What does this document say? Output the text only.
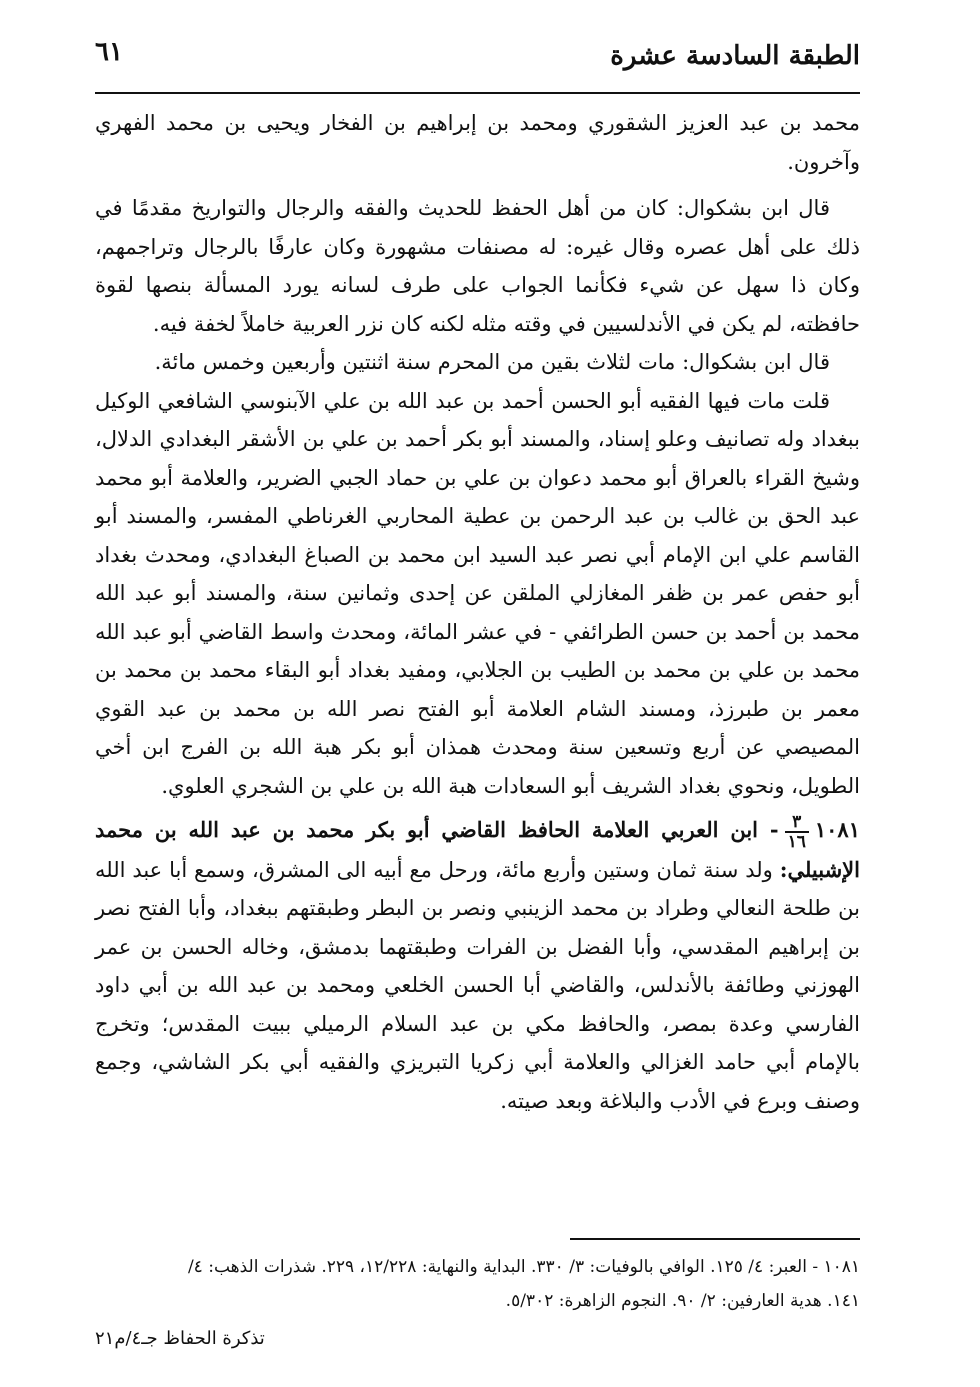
الطبقة السادسة عشرة
٦١

محمد بن عبد العزيز الشقوري ومحمد بن إبراهيم بن الفخار ويحيى بن محمد الفهري وآخرون.

قال ابن بشكوال: كان من أهل الحفظ للحديث والفقه والرجال والتواريخ مقدمًا في ذلك على أهل عصره وقال غيره: له مصنفات مشهورة وكان عارفًا بالرجال وتراجمهم، وكان ذا سهل عن شيء فكأنما الجواب على طرف لسانه يورد المسألة بنصها لقوة حافظته، لم يكن في الأندلسيين في وقته مثله لكنه كان نزر العربية خاملاً لخفة فيه.

قال ابن بشكوال: مات لثلاث بقين من المحرم سنة اثنتين وأربعين وخمس مائة.

قلت مات فيها الفقيه أبو الحسن أحمد بن عبد الله بن علي الآبنوسي الشافعي الوكيل ببغداد وله تصانيف وعلو إسناد، والمسند أبو بكر أحمد بن علي بن الأشقر البغدادي الدلال، وشيخ القراء بالعراق أبو محمد دعوان بن علي بن حماد الجبي الضرير، والعلامة أبو محمد عبد الحق بن غالب بن عبد الرحمن بن عطية المحاربي الغرناطي المفسر، والمسند أبو القاسم علي ابن الإمام أبي نصر عبد السيد ابن محمد بن الصباغ البغدادي، ومحدث بغداد أبو حفص عمر بن ظفر المغازلي الملقن عن إحدى وثمانين سنة، والمسند أبو عبد الله محمد بن أحمد بن حسن الطرائفي - في عشر المائة، ومحدث واسط القاضي أبو عبد الله محمد بن علي بن محمد بن الطيب بن الجلابي، ومفيد بغداد أبو البقاء محمد بن محمد بن معمر بن طبرزذ، ومسند الشام العلامة أبو الفتح نصر الله بن محمد بن عبد القوي المصيصي عن أربع وتسعين سنة ومحدث همذان أبو بكر هبة الله بن الفرج ابن أخي الطويل، ونحوي بغداد الشريف أبو السعادات هبة الله بن علي بن الشجري العلوي.

١٠٨١
$\frac{٣}{١٦}$
- ابن العربي العلامة الحافظ القاضي أبو بكر محمد بن عبد الله بن محمد الإشبيلي: ولد سنة ثمان وستين وأربع مائة، ورحل مع أبيه الى المشرق، وسمع أبا عبد الله بن طلحة النعالي وطراد بن محمد الزينبي ونصر بن البطر وطبقتهم ببغداد، وأبا الفتح نصر بن إبراهيم المقدسي، وأبا الفضل بن الفرات وطبقتهما بدمشق، وخاله الحسن بن عمر الهوزني وطائفة بالأندلس، والقاضي أبا الحسن الخلعي ومحمد بن عبد الله بن أبي داود الفارسي وعدة بمصر، والحافظ مكي بن عبد السلام الرميلي ببيت المقدس؛ وتخرج بالإمام أبي حامد الغزالي والعلامة أبي زكريا التبريزي والفقيه أبي بكر الشاشي، وجمع وصنف وبرع في الأدب والبلاغة وبعد صيته.

١٠٨١ - العبر: ٤/ ١٢٥. الوافي بالوفيات: ٣/ ٣٣٠. البداية والنهاية: ١٢/٢٢٨، ٢٢٩. شذرات الذهب: ٤/

١٤١. هدية العارفين: ٢/ ٩٠. النجوم الزاهرة: ٥/٣٠٢.

تذكرة الحفاظ جـ٤/م٢١
